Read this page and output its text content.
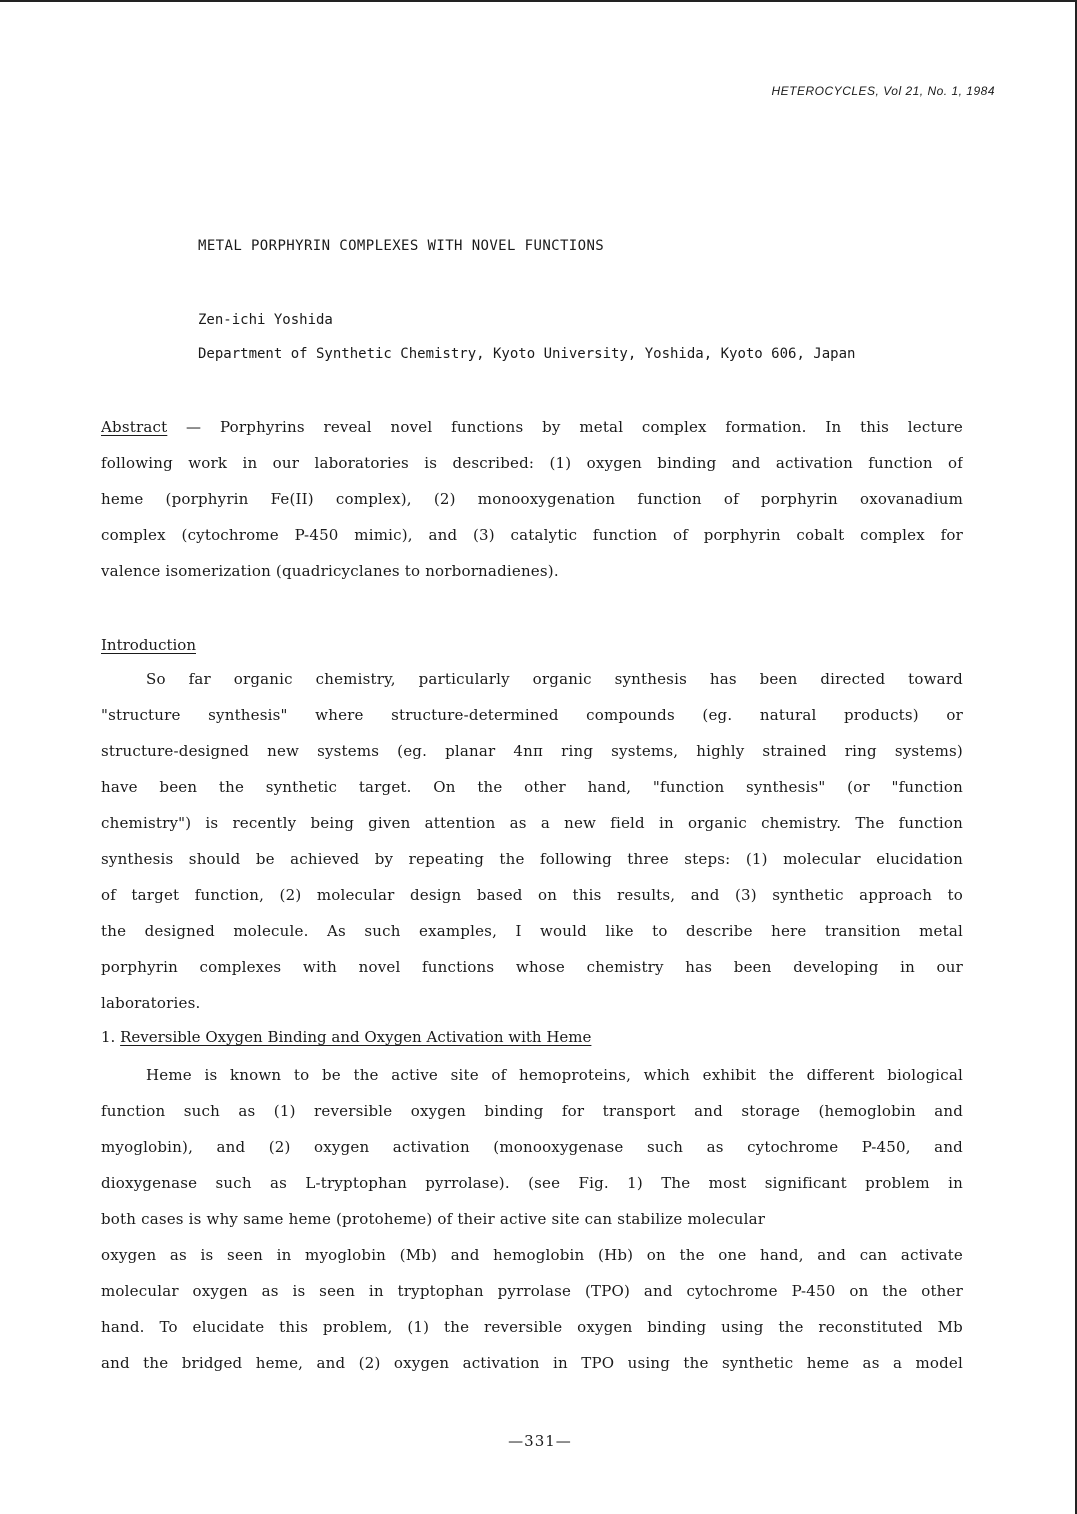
HETEROCYCLES, Vol 21, No. 1, 1984
METAL PORPHYRIN COMPLEXES WITH NOVEL FUNCTIONS
Zen-ichi Yoshida
Department of Synthetic Chemistry, Kyoto University, Yoshida, Kyoto 606, Japan
Abstract — Porphyrins reveal novel functions by metal complex formation. In this lecture
following work in our laboratories is described: (1) oxygen binding and activation function of
heme (porphyrin Fe(II) complex), (2) monooxygenation function of porphyrin oxovanadium
complex (cytochrome P-450 mimic), and (3) catalytic function of porphyrin cobalt complex for
valence isomerization (quadricyclanes to norbornadienes).
Introduction
So far organic chemistry, particularly organic synthesis has been directed toward
"structure synthesis" where structure-determined compounds (eg. natural products) or
structure-designed new systems (eg. planar 4nπ ring systems, highly strained ring systems)
have been the synthetic target. On the other hand, "function synthesis" (or "function
chemistry") is recently being given attention as a new field in organic chemistry. The function
synthesis should be achieved by repeating the following three steps: (1) molecular elucidation
of target function, (2) molecular design based on this results, and (3) synthetic approach to
the designed molecule. As such examples, I would like to describe here transition metal
porphyrin complexes with novel functions whose chemistry has been developing in our
laboratories.
1. Reversible Oxygen Binding and Oxygen Activation with Heme
Heme is known to be the active site of hemoproteins, which exhibit the different biological
function such as (1) reversible oxygen binding for transport and storage (hemoglobin and
myoglobin), and (2) oxygen activation (monooxygenase such as cytochrome P-450, and
dioxygenase such as L-tryptophan pyrrolase). (see Fig. 1) The most significant problem in
both cases is why same heme (protoheme) of their active site can stabilize molecular
oxygen as is seen in myoglobin (Mb) and hemoglobin (Hb) on the one hand, and can activate
molecular oxygen as is seen in tryptophan pyrrolase (TPO) and cytochrome P-450 on the other
hand. To elucidate this problem, (1) the reversible oxygen binding using the reconstituted Mb
and the bridged heme, and (2) oxygen activation in TPO using the synthetic heme as a model
—331—
